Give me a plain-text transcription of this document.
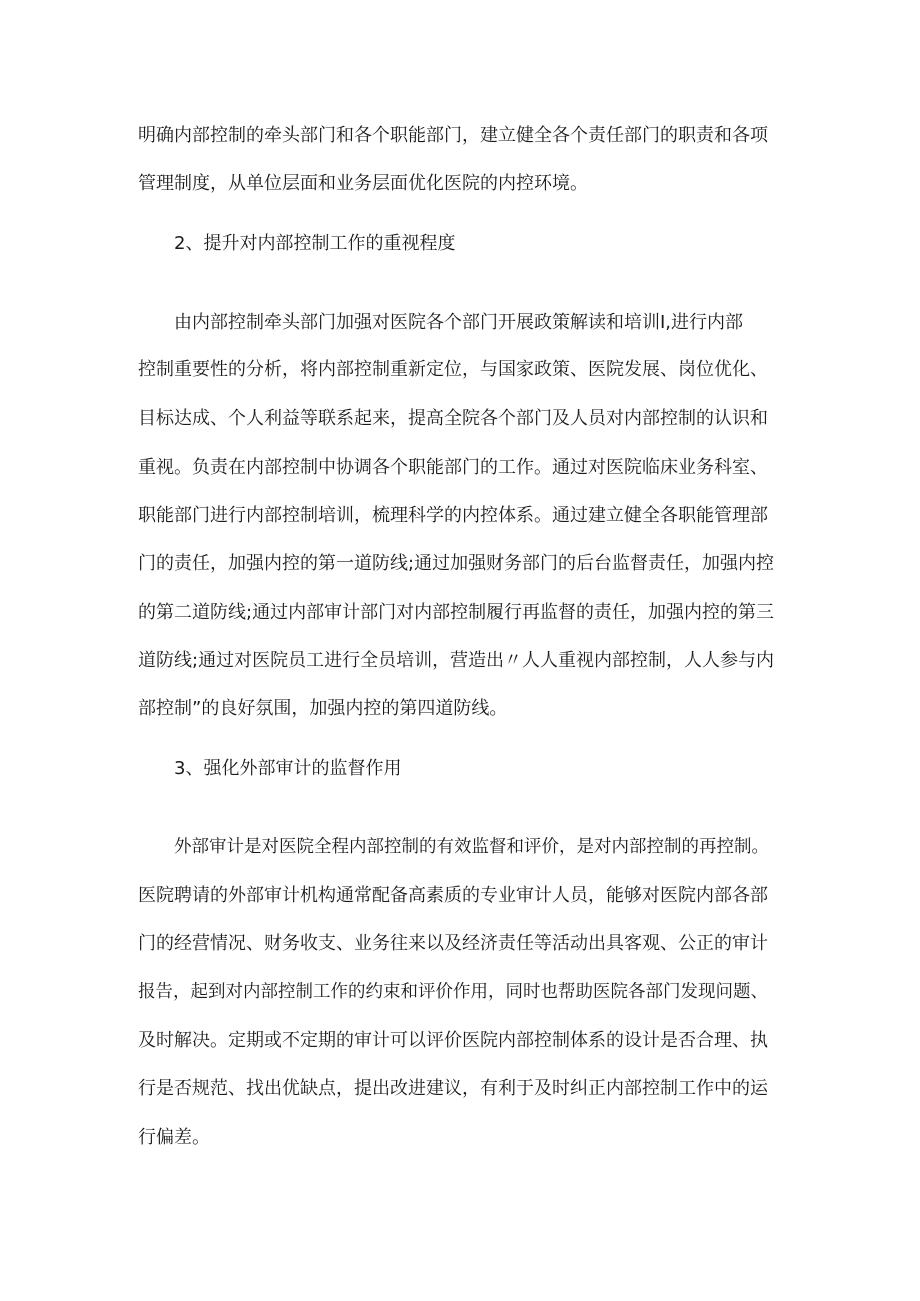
明确内部控制的牵头部门和各个职能部门，建立健全各个责任部门的职责和各项
管理制度，从单位层面和业务层面优化医院的内控环境。
2、提升对内部控制工作的重视程度
由内部控制牵头部门加强对医院各个部门开展政策解读和培训I,进行内部
控制重要性的分析，将内部控制重新定位，与国家政策、医院发展、岗位优化、
目标达成、个人利益等联系起来，提高全院各个部门及人员对内部控制的认识和
重视。负责在内部控制中协调各个职能部门的工作。通过对医院临床业务科室、
职能部门进行内部控制培训，梳理科学的内控体系。通过建立健全各职能管理部
门的责任，加强内控的第一道防线;通过加强财务部门的后台监督责任，加强内控
的第二道防线;通过内部审计部门对内部控制履行再监督的责任，加强内控的第三
道防线;通过对医院员工进行全员培训，营造出〃人人重视内部控制，人人参与内
部控制”的良好氛围，加强内控的第四道防线。
3、强化外部审计的监督作用
外部审计是对医院全程内部控制的有效监督和评价，是对内部控制的再控制。
医院聘请的外部审计机构通常配备高素质的专业审计人员，能够对医院内部各部
门的经营情况、财务收支、业务往来以及经济责任等活动出具客观、公正的审计
报告，起到对内部控制工作的约束和评价作用，同时也帮助医院各部门发现问题、
及时解决。定期或不定期的审计可以评价医院内部控制体系的设计是否合理、执
行是否规范、找出优缺点，提出改进建议，有利于及时纠正内部控制工作中的运
行偏差。
